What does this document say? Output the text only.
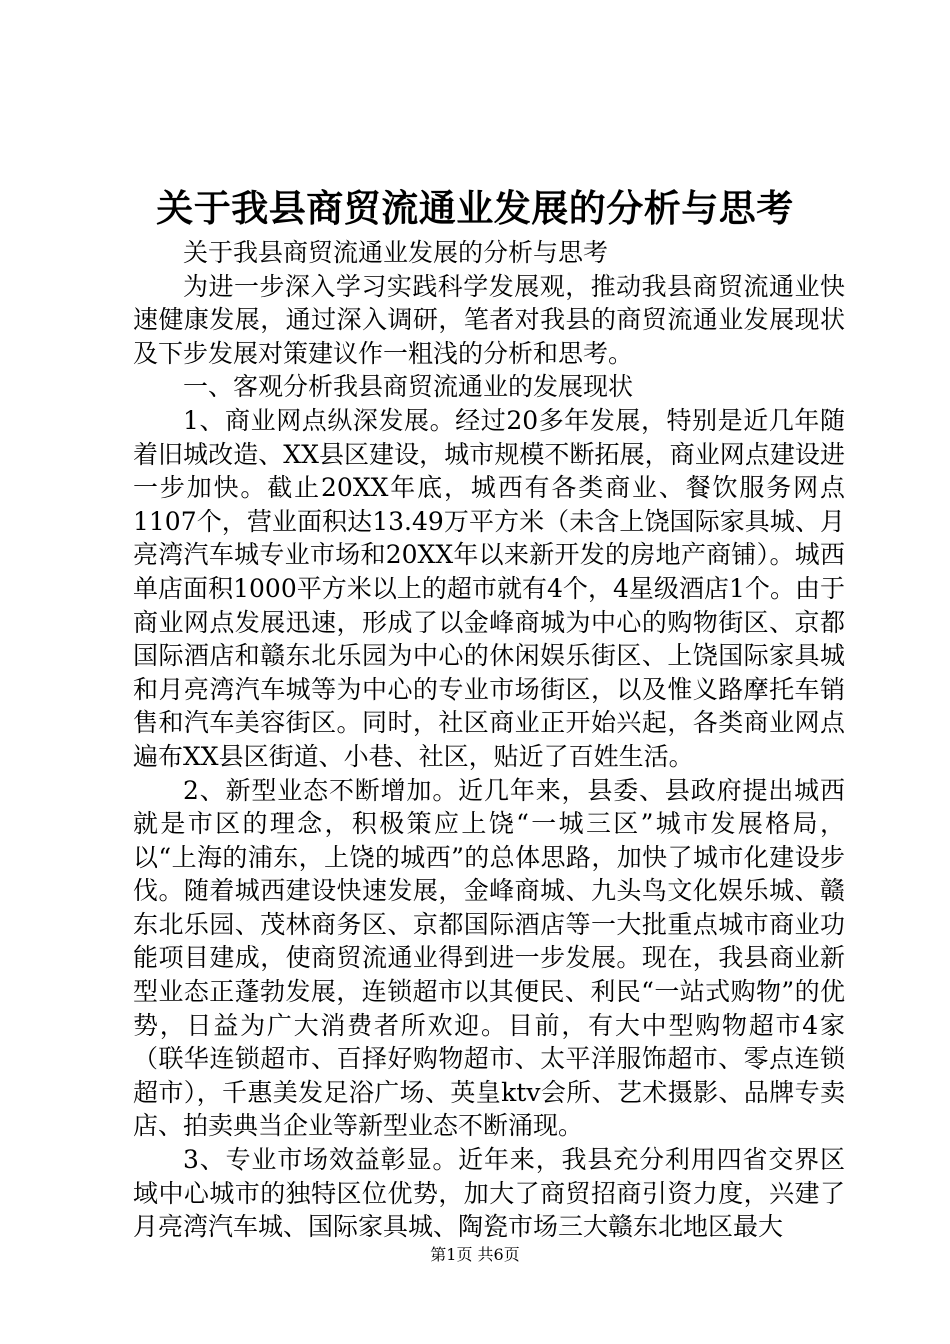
关于我县商贸流通业发展的分析与思考

关于我县商贸流通业发展的分析与思考

为进一步深入学习实践科学发展观，推动我县商贸流通业快速健康发展，通过深入调研，笔者对我县的商贸流通业发展现状及下步发展对策建议作一粗浅的分析和思考。

一、客观分析我县商贸流通业的发展现状

1、商业网点纵深发展。经过20多年发展，特别是近几年随着旧城改造、XX县区建设，城市规模不断拓展，商业网点建设进一步加快。截止20XX年底，城西有各类商业、餐饮服务网点1107个，营业面积达13.49万平方米（未含上饶国际家具城、月亮湾汽车城专业市场和20XX年以来新开发的房地产商铺）。城西单店面积1000平方米以上的超市就有4个，4星级酒店1个。由于商业网点发展迅速，形成了以金峰商城为中心的购物街区、京都国际酒店和赣东北乐园为中心的休闲娱乐街区、上饶国际家具城和月亮湾汽车城等为中心的专业市场街区，以及惟义路摩托车销售和汽车美容街区。同时，社区商业正开始兴起，各类商业网点遍布XX县区街道、小巷、社区，贴近了百姓生活。

2、新型业态不断增加。近几年来，县委、县政府提出城西就是市区的理念，积极策应上饶“一城三区”城市发展格局，以“上海的浦东，上饶的城西”的总体思路，加快了城市化建设步伐。随着城西建设快速发展，金峰商城、九头鸟文化娱乐城、赣东北乐园、茂林商务区、京都国际酒店等一大批重点城市商业功能项目建成，使商贸流通业得到进一步发展。现在，我县商业新型业态正蓬勃发展，连锁超市以其便民、利民“一站式购物”的优势，日益为广大消费者所欢迎。目前，有大中型购物超市4家（联华连锁超市、百择好购物超市、太平洋服饰超市、零点连锁超市），千惠美发足浴广场、英皇ktv会所、艺术摄影、品牌专卖店、拍卖典当企业等新型业态不断涌现。

3、专业市场效益彰显。近年来，我县充分利用四省交界区域中心城市的独特区位优势，加大了商贸招商引资力度，兴建了月亮湾汽车城、国际家具城、陶瓷市场三大赣东北地区最大

第1页 共6页
